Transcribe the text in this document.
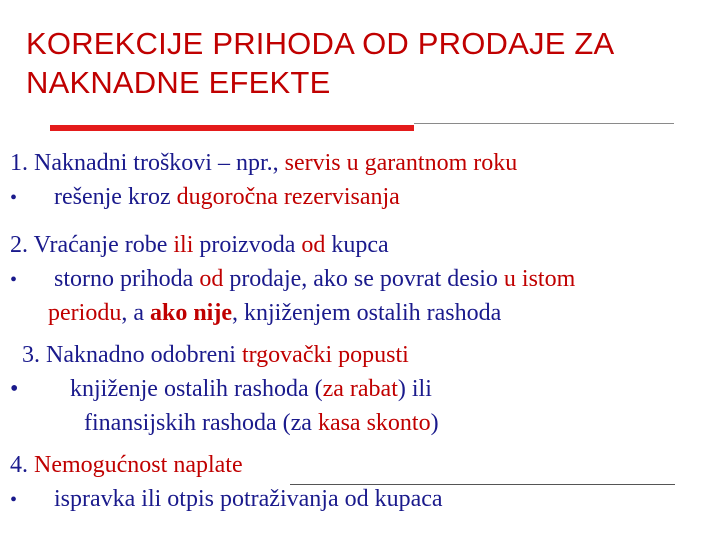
KOREKCIJE PRIHODA OD PRODAJE ZA
NAKNADNE EFEKTE
1. Naknadni troškovi – npr., servis u garantnom roku
• rešenje kroz dugoročna rezervisanja
2. Vraćanje robe ili proizvoda od kupca
• storno prihoda od prodaje, ako se povrat desio u istom
periodu, a ako nije, knjiženjem ostalih rashoda
3. Naknadno odobreni trgovački popusti
• knjiženje ostalih rashoda (za rabat) ili
finansijskih rashoda (za kasa skonto)
4. Nemogućnost naplate
• ispravka ili otpis potraživanja od kupaca
